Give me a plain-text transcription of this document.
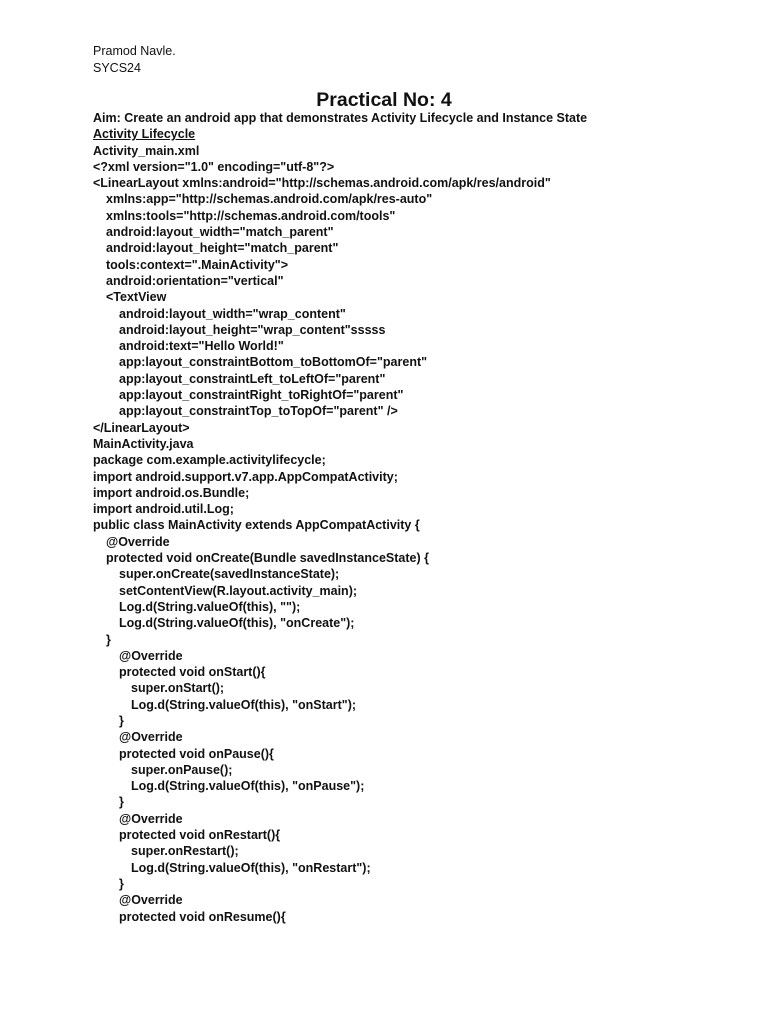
Pramod Navle.
SYCS24
Practical No: 4
Aim: Create an android app that demonstrates Activity Lifecycle and Instance State
Activity Lifecycle
Activity_main.xml
<?xml version="1.0" encoding="utf-8"?>
<LinearLayout xmlns:android="http://schemas.android.com/apk/res/android"
xmlns:app="http://schemas.android.com/apk/res-auto"
xmlns:tools="http://schemas.android.com/tools"
android:layout_width="match_parent"
android:layout_height="match_parent"
tools:context=".MainActivity">
android:orientation="vertical"
<TextView
android:layout_width="wrap_content"
android:layout_height="wrap_content"sssss
android:text="Hello World!"
app:layout_constraintBottom_toBottomOf="parent"
app:layout_constraintLeft_toLeftOf="parent"
app:layout_constraintRight_toRightOf="parent"
app:layout_constraintTop_toTopOf="parent" />
</LinearLayout>
MainActivity.java
package com.example.activitylifecycle;
import android.support.v7.app.AppCompatActivity;
import android.os.Bundle;
import android.util.Log;
public class MainActivity extends AppCompatActivity {
@Override
protected void onCreate(Bundle savedInstanceState) {
super.onCreate(savedInstanceState);
setContentView(R.layout.activity_main);
Log.d(String.valueOf(this), "");
Log.d(String.valueOf(this), "onCreate");
}
@Override
protected void onStart(){
super.onStart();
Log.d(String.valueOf(this), "onStart");
}
@Override
protected void onPause(){
super.onPause();
Log.d(String.valueOf(this), "onPause");
}
@Override
protected void onRestart(){
super.onRestart();
Log.d(String.valueOf(this), "onRestart");
}
@Override
protected void onResume(){
